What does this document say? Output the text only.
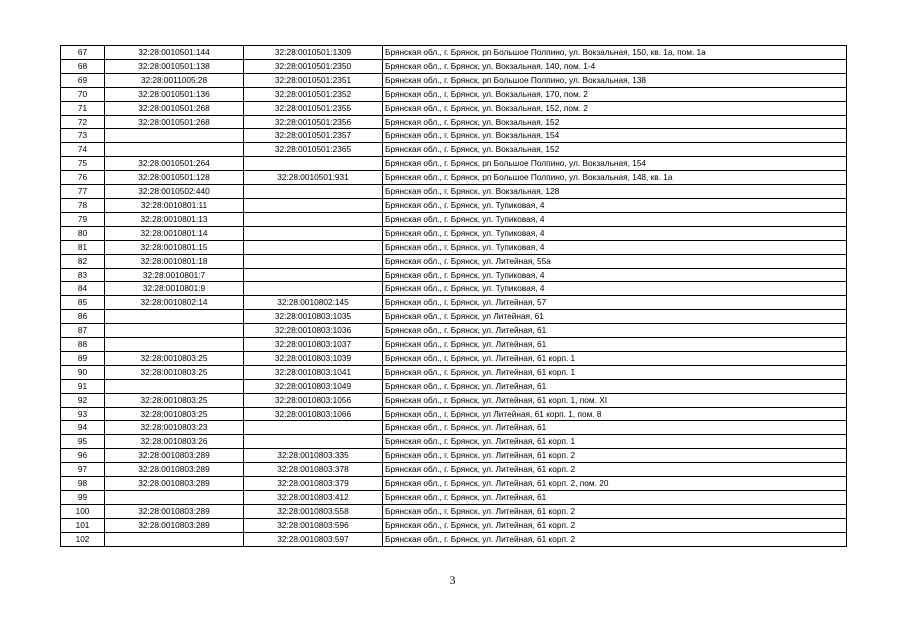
67	32:28:0010501:144	32:28:0010501:1309	Брянская обл., г. Брянск, рп Большое Полпино, ул. Вокзальная, 150, кв. 1а, пом. 1а
68	32:28:0010501:138	32:28:0010501:2350	Брянская обл., г. Брянск, ул. Вокзальная, 140, пом. 1-4
69	32:28:0011005:28	32:28:0010501:2351	Брянская обл., г. Брянск, рп Большое Полпино, ул. Вокзальная, 138
70	32:28:0010501:136	32:28:0010501:2352	Брянская обл., г. Брянск, ул. Вокзальная, 170, пом. 2
71	32:28:0010501:268	32:28:0010501:2355	Брянская обл., г. Брянск, ул. Вокзальная, 152, пом. 2
72	32:28:0010501:268	32:28:0010501:2356	Брянская обл., г. Брянск, ул. Вокзальная, 152
73		32:28:0010501:2357	Брянская обл., г. Брянск, ул. Вокзальная, 154
74		32:28:0010501:2365	Брянская обл., г. Брянск, ул. Вокзальная, 152
75	32:28:0010501:264		Брянская обл., г. Брянск, рп Большое Полпино, ул. Вокзальная, 154
76	32:28:0010501:128	32:28:0010501:931	Брянская обл., г. Брянск, рп Большое Полпино, ул. Вокзальная, 148, кв. 1а
77	32:28:0010502:440		Брянская обл., г. Брянск, ул. Вокзальная, 128
78	32:28:0010801:11		Брянская обл., г. Брянск, ул. Тупиковая, 4
79	32:28:0010801:13		Брянская обл., г. Брянск, ул. Тупиковая, 4
80	32:28:0010801:14		Брянская обл., г. Брянск, ул. Тупиковая, 4
81	32:28:0010801:15		Брянская обл., г. Брянск, ул. Тупиковая, 4
82	32:28:0010801:18		Брянская обл., г. Брянск, ул. Литейная, 55а
83	32:28:0010801:7		Брянская обл., г. Брянск, ул. Тупиковая, 4
84	32:28:0010801:9		Брянская обл., г. Брянск, ул. Тупиковая, 4
85	32:28:0010802:14	32:28:0010802:145	Брянская обл., г. Брянск, ул. Литейная, 57
86		32:28:0010803:1035	Брянская обл., г. Брянск, ул Литейная, 61
87		32:28:0010803:1036	Брянская обл., г. Брянск, ул. Литейная, 61
88		32:28:0010803:1037	Брянская обл., г. Брянск, ул. Литейная, 61
89	32:28:0010803:25	32:28:0010803:1039	Брянская обл., г. Брянск, ул. Литейная, 61 корп. 1
90	32:28:0010803:25	32:28:0010803:1041	Брянская обл., г. Брянск, ул. Литейная, 61 корп. 1
91		32:28:0010803:1049	Брянская обл., г. Брянск, ул. Литейная, 61
92	32:28:0010803:25	32:28:0010803:1056	Брянская обл., г. Брянск, ул. Литейная, 61 корп. 1, пом. XI
93	32:28:0010803:25	32:28:0010803:1066	Брянская обл., г. Брянск, ул Литейная, 61 корп. 1, пом. 8
94	32:28:0010803:23		Брянская обл., г. Брянск, ул. Литейная, 61
95	32:28:0010803:26		Брянская обл., г. Брянск, ул. Литейная, 61 корп. 1
96	32:28:0010803:289	32:28:0010803:335	Брянская обл., г. Брянск, ул. Литейная, 61 корп. 2
97	32:28:0010803:289	32:28:0010803:378	Брянская обл., г. Брянск, ул. Литейная, 61 корп. 2
98	32:28:0010803:289	32:28:0010803:379	Брянская обл., г. Брянск, ул. Литейная, 61 корп. 2, пом. 20
99		32:28:0010803:412	Брянская обл., г. Брянск, ул. Литейная, 61
100	32:28:0010803:289	32:28:0010803:558	Брянская обл., г. Брянск, ул. Литейная, 61 корп. 2
101	32:28:0010803:289	32:28:0010803:596	Брянская обл., г. Брянск, ул. Литейная, 61 корп. 2
102		32:28:0010803:597	Брянская обл., г. Брянск, ул. Литейная, 61 корп. 2
3
